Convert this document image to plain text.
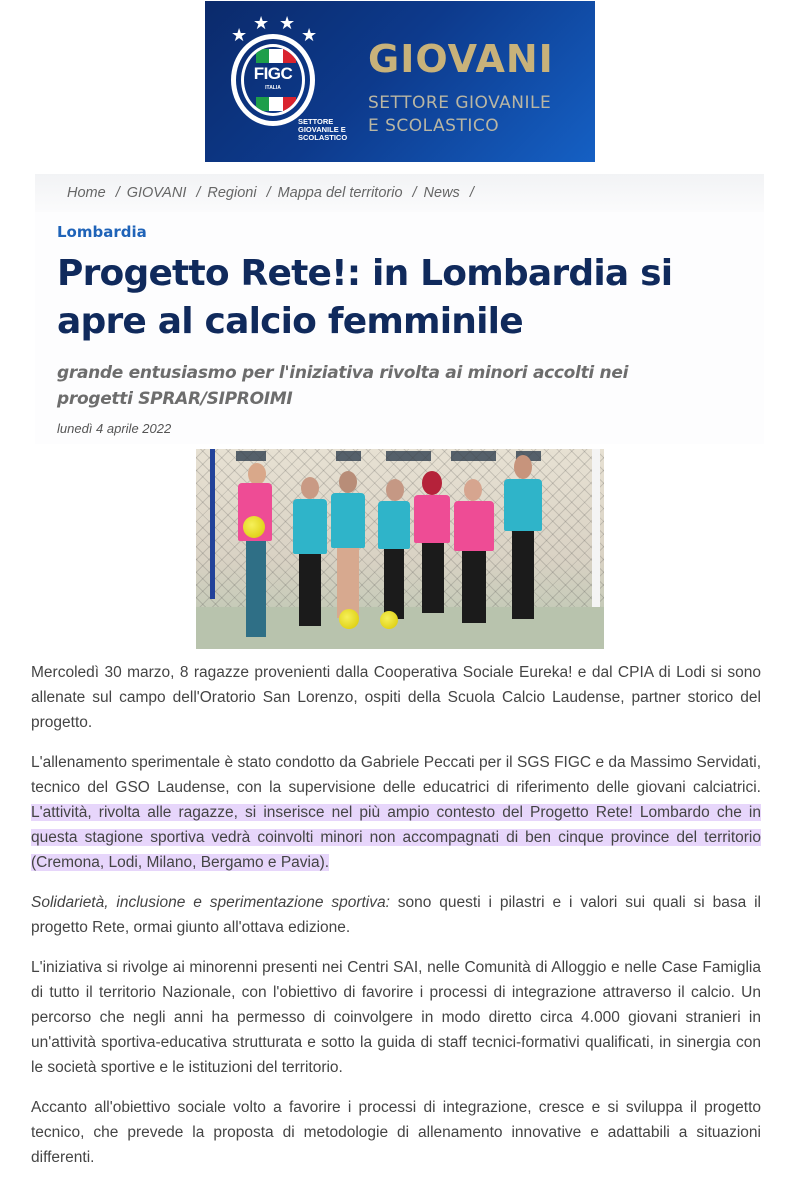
★
★ ★
★
FIGC
ITALIA
SETTORE
GIOVANILE E
SCOLASTICO
GIOVANI
SETTORE GIOVANILE
E SCOLASTICO
Home / GIOVANI / Regioni / Mappa del territorio / News /
Lombardia
Progetto Rete!: in Lombardia si apre al calcio femminile
grande entusiasmo per l'iniziativa rivolta ai minori accolti nei progetti SPRAR/SIPROIMI
lunedì 4 aprile 2022

Mercoledì 30 marzo, 8 ragazze provenienti dalla Cooperativa Sociale Eureka! e dal CPIA di Lodi si sono allenate sul campo dell'Oratorio San Lorenzo, ospiti della Scuola Calcio Laudense, partner storico del progetto.

L'allenamento sperimentale è stato condotto da Gabriele Peccati per il SGS FIGC e da Massimo Servidati, tecnico del GSO Laudense, con la supervisione delle educatrici di riferimento delle giovani calciatrici. L'attività, rivolta alle ragazze, si inserisce nel più ampio contesto del Progetto Rete! Lombardo che in questa stagione sportiva vedrà coinvolti minori non accompagnati di ben cinque province del territorio (Cremona, Lodi, Milano, Bergamo e Pavia).

Solidarietà, inclusione e sperimentazione sportiva: sono questi i pilastri e i valori sui quali si basa il progetto Rete, ormai giunto all'ottava edizione.

L'iniziativa si rivolge ai minorenni presenti nei Centri SAI, nelle Comunità di Alloggio e nelle Case Famiglia di tutto il territorio Nazionale, con l'obiettivo di favorire i processi di integrazione attraverso il calcio. Un percorso che negli anni ha permesso di coinvolgere in modo diretto circa 4.000 giovani stranieri in un'attività sportiva-educativa strutturata e sotto la guida di staff tecnici-formativi qualificati, in sinergia con le società sportive e le istituzioni del territorio.

Accanto all'obiettivo sociale volto a favorire i processi di integrazione, cresce e si sviluppa il progetto tecnico, che prevede la proposta di metodologie di allenamento innovative e adattabili a situazioni differenti.
